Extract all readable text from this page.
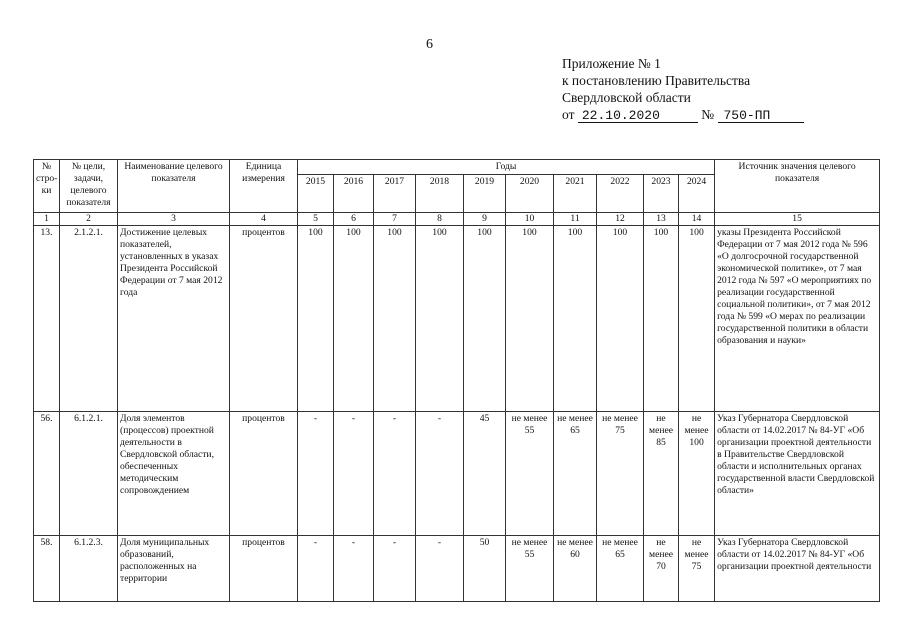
6
Приложение № 1
к постановлению Правительства
Свердловской области
от 22.10.2020	№ 750-ПП
№ стро-ки	№ цели, задачи, целевого показателя	Наименование целевого показателя	Единица измерения	Годы										Источник значения целевого показателя
				2015	2016	2017	2018	2019	2020	2021	2022	2023	2024	
1	2	3	4	5	6	7	8	9	10	11	12	13	14	15
13.	2.1.2.1.	Достижение целевых показателей, установленных в указах Президента Российской Федерации от 7 мая 2012 года	процентов	100	100	100	100	100	100	100	100	100	100	указы Президента Российской Федерации от 7 мая 2012 года № 596 «О долгосрочной государственной экономической политике», от 7 мая 2012 года № 597 «О мероприятиях по реализации государственной социальной политики», от 7 мая 2012 года № 599 «О мерах по реализации государственной политики в области образования и науки»
56.	6.1.2.1.	Доля элементов (процессов) проектной деятельности в Свердловской области, обеспеченных методическим сопровождением	процентов	-	-	-	-	45	не менее 55	не менее 65	не менее 75	не менее 85	не менее 100	Указ Губернатора Свердловской области от 14.02.2017 № 84-УГ «Об организации проектной деятельности в Правительстве Свердловской области и исполнительных органах государственной власти Свердловской области»
58.	6.1.2.3.	Доля муниципальных образований, расположенных на территории	процентов	-	-	-	-	50	не менее 55	не менее 60	не менее 65	не менее 70	не менее 75	Указ Губернатора Свердловской области от 14.02.2017 № 84-УГ «Об организации проектной деятельности
